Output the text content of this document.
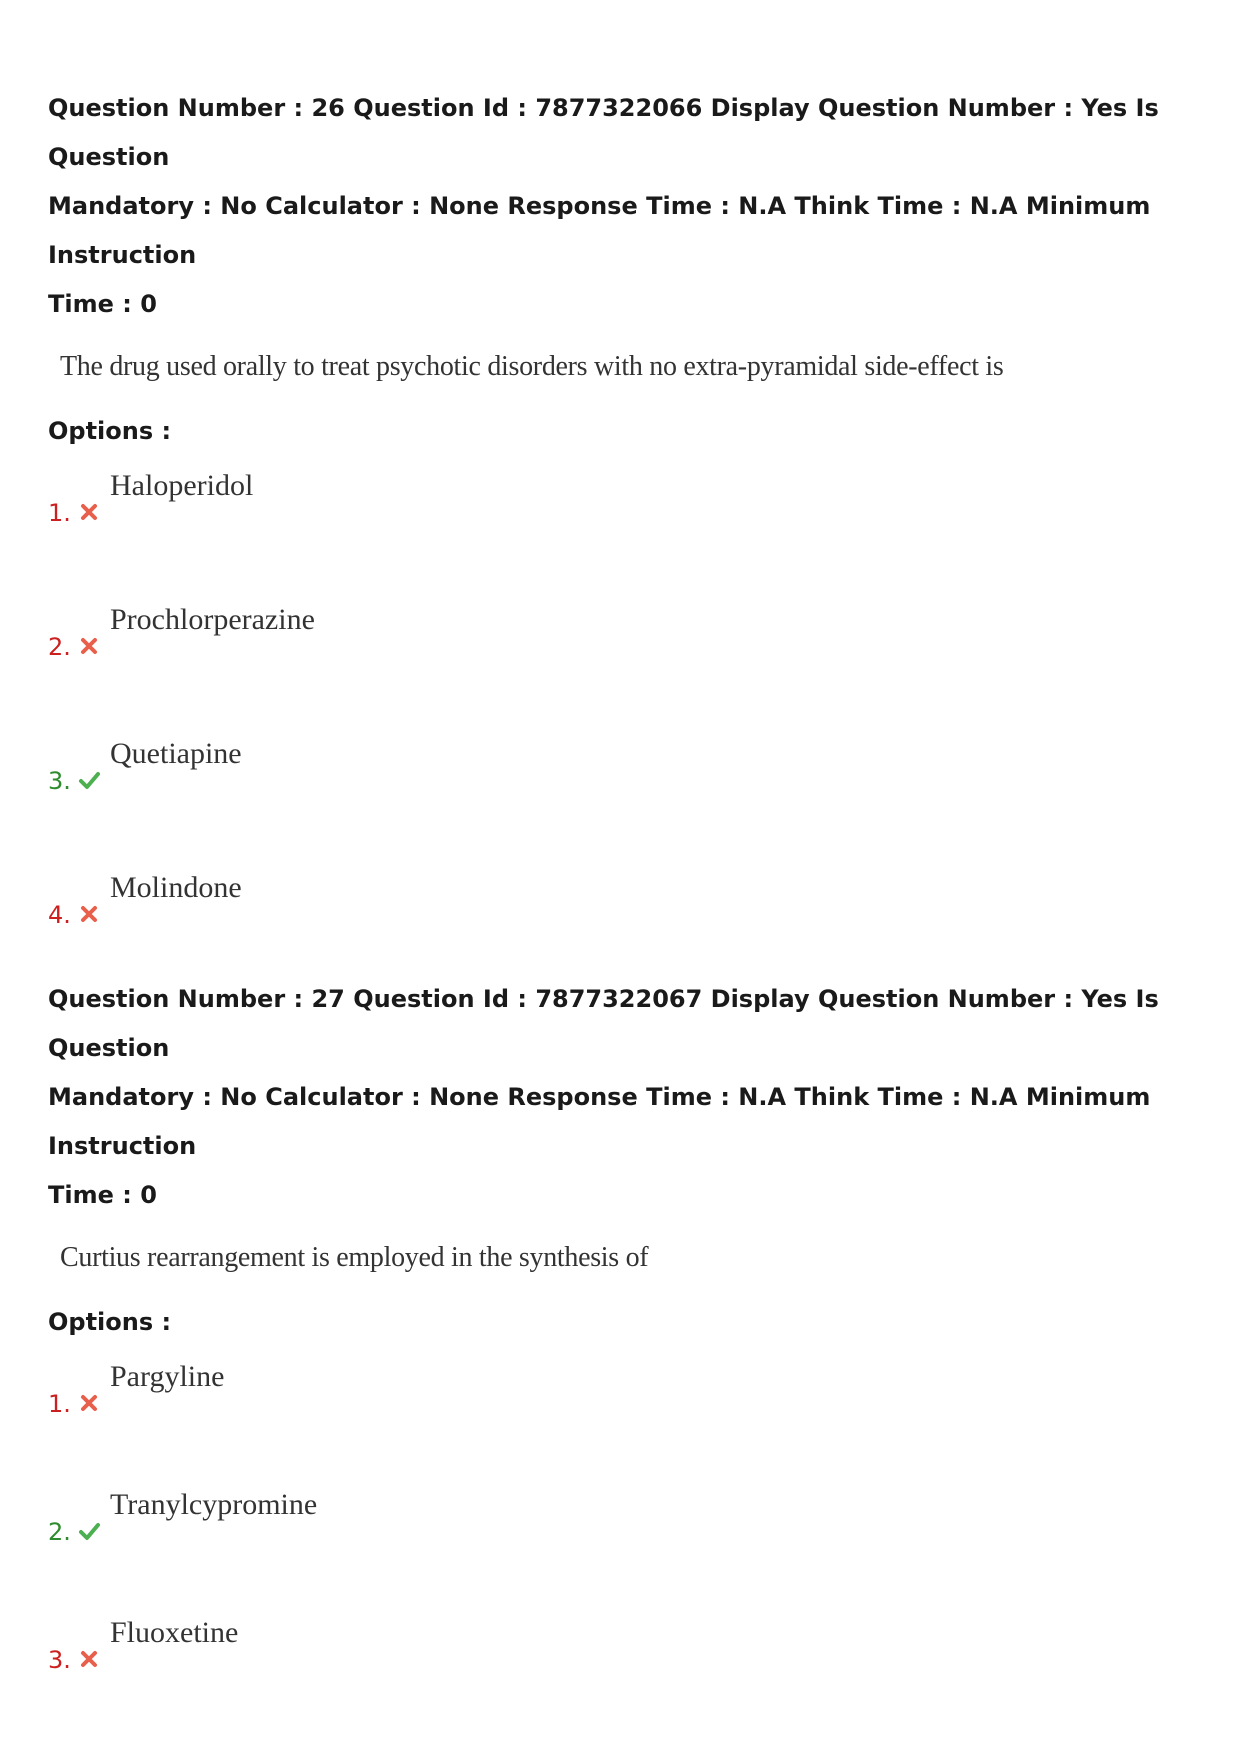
Question Number : 26 Question Id : 7877322066 Display Question Number : Yes Is Question

Mandatory : No Calculator : None Response Time : N.A Think Time : N.A Minimum Instruction

Time : 0

The drug used orally to treat psychotic disorders with no extra-pyramidal side-effect is
Options :
1.
Haloperidol
2.
Prochlorperazine
3.
Quetiapine
4.
Molindone

Question Number : 27 Question Id : 7877322067 Display Question Number : Yes Is Question

Mandatory : No Calculator : None Response Time : N.A Think Time : N.A Minimum Instruction

Time : 0

Curtius rearrangement is employed in the synthesis of
Options :
1.
Pargyline
2.
Tranylcypromine
3.
Fluoxetine
